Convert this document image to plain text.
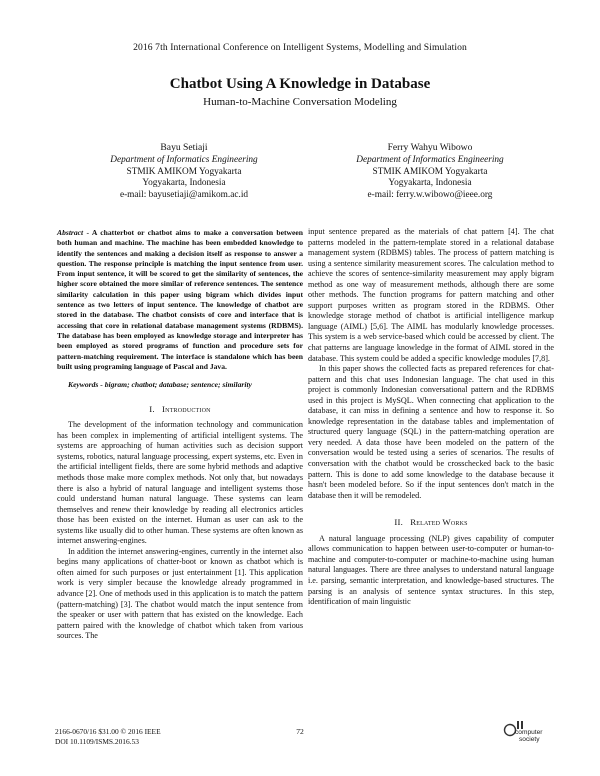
2016 7th International Conference on Intelligent Systems, Modelling and Simulation
Chatbot Using A Knowledge in Database
Human-to-Machine Conversation Modeling
Bayu Setiaji
Department of Informatics Engineering
STMIK AMIKOM Yogyakarta
Yogyakarta, Indonesia
e-mail: bayusetiaji@amikom.ac.id
Ferry Wahyu Wibowo
Department of Informatics Engineering
STMIK AMIKOM Yogyakarta
Yogyakarta, Indonesia
e-mail: ferry.w.wibowo@ieee.org

Abstract - A chatterbot or chatbot aims to make a conversation between both human and machine. The machine has been embedded knowledge to identify the sentences and making a decision itself as response to answer a question. The response principle is matching the input sentence from user. From input sentence, it will be scored to get the similarity of sentences, the higher score obtained the more similar of reference sentences. The sentence similarity calculation in this paper using bigram which divides input sentence as two letters of input sentence. The knowledge of chatbot are stored in the database. The chatbot consists of core and interface that is accessing that core in relational database management systems (RDBMS). The database has been employed as knowledge storage and interpreter has been employed as stored programs of function and procedure sets for pattern-matching requirement. The interface is standalone which has been built using programing language of Pascal and Java.

Keywords - bigram; chatbot; database; sentence; similarity

I. Introduction

The development of the information technology and communication has been complex in implementing of artificial intelligent systems. The systems are approaching of human activities such as decision support systems, robotics, natural language processing, expert systems, etc. Even in the artificial intelligent fields, there are some hybrid methods and adaptive methods those make more complex methods. Not only that, but nowadays there is also a hybrid of natural language and intelligent systems those could understand human natural language. These systems can learn themselves and renew their knowledge by reading all electronics articles those has been existed on the internet. Human as user can ask to the systems like usually did to other human. These systems are often known as internet answering-engines.

In addition the internet answering-engines, currently in the internet also begins many applications of chatter-boot or known as chatbot which is often aimed for such purposes or just entertainment [1]. This application work is very simpler because the knowledge already programmed in advance [2]. One of methods used in this application is to match the pattern (pattern-matching) [3]. The chatbot would match the input sentence from the speaker or user with pattern that has existed on the knowledge. Each pattern paired with the knowledge of chatbot which taken from various sources. The

input sentence prepared as the materials of chat pattern [4]. The chat patterns modeled in the pattern-template stored in a relational database management system (RDBMS) tables. The process of pattern matching is using a sentence similarity measurement scores. The calculation method to achieve the scores of sentence-similarity measurement may apply bigram method as one way of measurement methods, although there are some other methods. The function programs for pattern matching and other support purposes written as program stored in the RDBMS. Other knowledge storage method of chatbot is artificial intelligence markup language (AIML) [5,6]. The AIML has modularly knowledge processes. This system is a web service-based which could be accessed by client. The chat patterns are language knowledge in the format of AIML stored in the database. This system could be added a specific knowledge modules [7,8].

In this paper shows the collected facts as prepared references for chat-pattern and this chat uses Indonesian language. The chat used in this project is commonly Indonesian conversational pattern and the RDBMS used in this project is MySQL. When connecting chat application to the database, it can miss in defining a sentence and how to response it. So knowledge representation in the database tables and implementation of structured query language (SQL) in the pattern-matching operation are very needed. A data those have been modeled on the pattern of the conversation would be tested using a series of scenarios. The results of conversation with the chatbot would be crosschecked back to the basic pattern. This is done to add some knowledge to the database because it hasn't been modeled before. So if the input sentences don't match in the database then it will be remodeled.

II. Related Works

A natural language processing (NLP) gives capability of computer allows communication to happen between user-to-computer or human-to-machine and computer-to-computer or machine-to-machine using human natural languages. There are three analyses to understand natural language i.e. parsing, semantic interpretation, and knowledge-based structures. The parsing is an analysis of sentence syntax structures. In this step, identification of main linguistic

2166-0670/16 $31.00 © 2016 IEEE
DOI 10.1109/ISMS.2016.53
72	computer
society
